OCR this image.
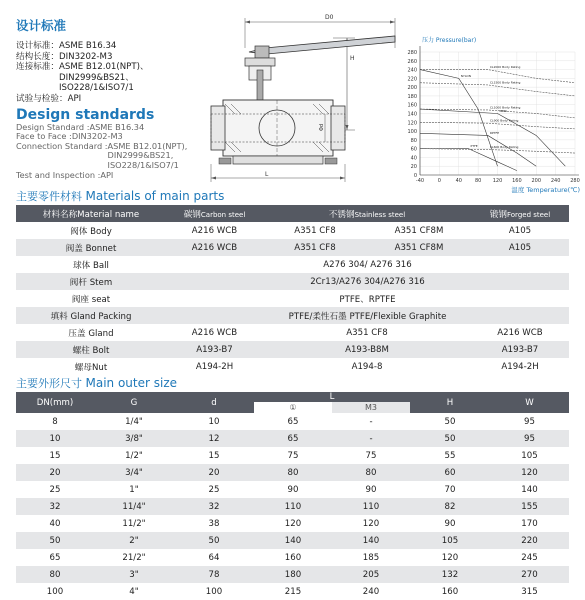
设计标准
设计标准： ASME B16.34
结构长度： DIN3202-M3
连接标准： ASME B12.01(NPT)、
DIN2999&BS21、
ISO228/1&ISO7/1
试验与检验： API
Design standards
Design Standard : ASME B16.34
Face to Face : DIN3202-M3
Connection Standard : ASME B12.01(NPT),
DIN2999&BS21,
ISO228/1&ISO7/1
Test and Inspection : API
D0
H
Φd
L	0
20
40
60
80
100
120
140
160
180
200
220
240
260
280
-40	0	40	80 120 160 200 240 280
CL2000 Body Rating
CL1500 Body Rating
NYLON
CL1000 Body Rating
PEEK
CL900 Body Rating
RPTFE
PTFE	CL600 Body Rating
压力 Pressure(bar)
温度 Temperature(℃)
主要零件材料 Materials of main parts
材料名称Material name	碳钢Carbon steel	不锈钢Stainless steel		锻钢Forged steel
阀体 Body	A216 WCB	A351 CF8	A351 CF8M	A105
阀盖 Bonnet	A216 WCB	A351 CF8	A351 CF8M	A105
球体 Ball	A276 304/ A276 316			
阀杆 Stem	2Cr13/A276 304/A276 316			
阀座 seat	PTFE、RPTFE			
填料 Gland Packing	PTFE/柔性石墨 PTFE/Flexible Graphite			
压盖 Gland	A216 WCB	A351 CF8		A216 WCB
螺柱 Bolt	A193-B7	A193-B8M		A193-B7
螺母Nut	A194-2H	A194-8		A194-2H
主要外形尺寸 Main outer size
DN(mm)	G	d	L		H	W
			①	M3		
8	1/4"	10	65	-	50	95
10	3/8"	12	65	-	50	95
15	1/2"	15	75	75	55	105
20	3/4"	20	80	80	60	120
25	1"	25	90	90	70	140
32	11/4"	32	110	110	82	155
40	11/2"	38	120	120	90	170
50	2"	50	140	140	105	220
65	21/2"	64	160	185	120	245
80	3"	78	180	205	132	270
100	4"	100	215	240	160	315
